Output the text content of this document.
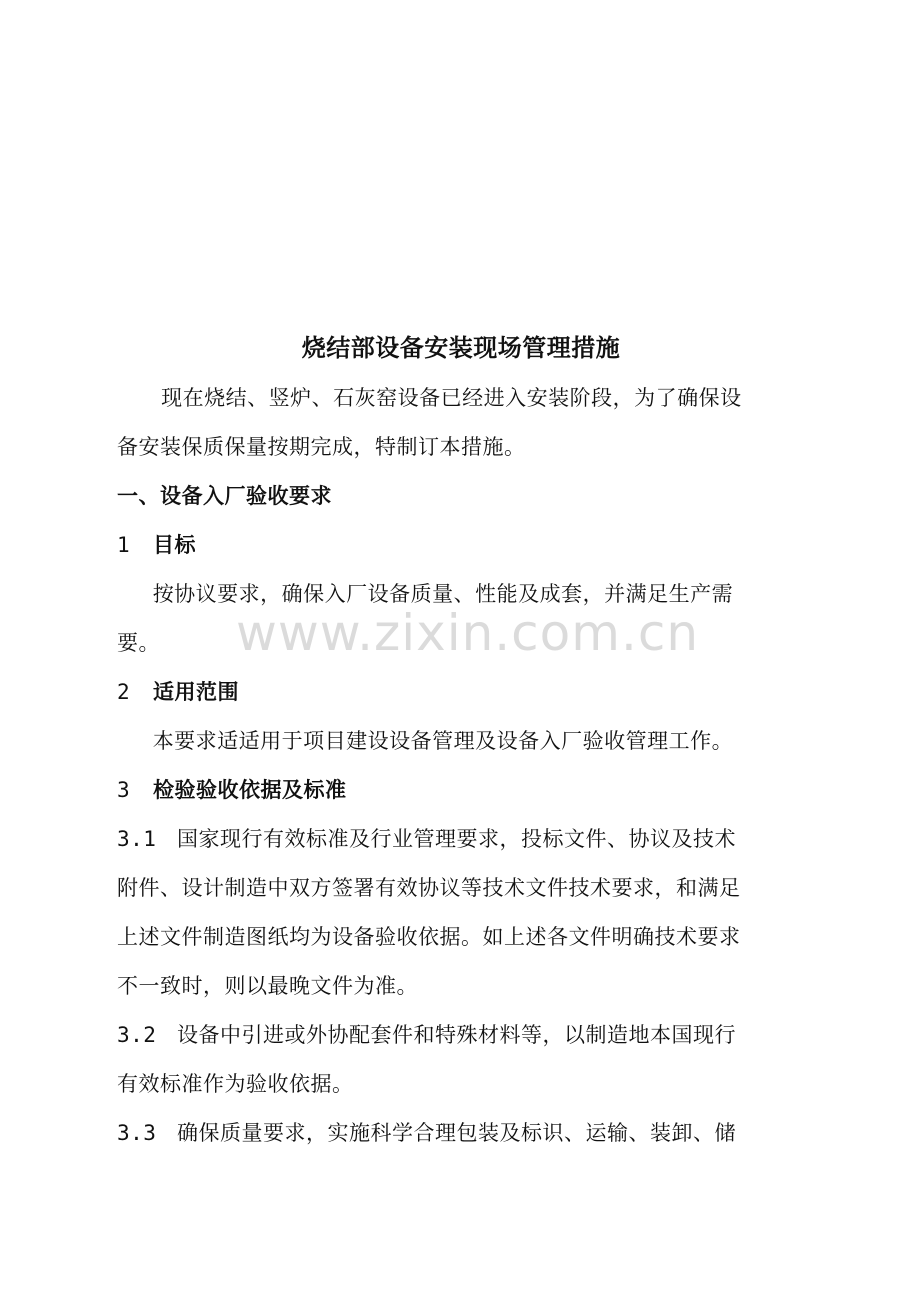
烧结部设备安装现场管理措施

现在烧结、竖炉、石灰窑设备已经进入安装阶段，为了确保设

备安装保质保量按期完成，特制订本措施。

一、设备入厂验收要求

1 目标

按协议要求，确保入厂设备质量、性能及成套，并满足生产需

要。

2 适用范围

本要求适适用于项目建设设备管理及设备入厂验收管理工作。

3 检验验收依据及标准

3.1 国家现行有效标准及行业管理要求，投标文件、协议及技术

附件、设计制造中双方签署有效协议等技术文件技术要求，和满足

上述文件制造图纸均为设备验收依据。如上述各文件明确技术要求

不一致时，则以最晚文件为准。

3.2 设备中引进或外协配套件和特殊材料等，以制造地本国现行

有效标准作为验收依据。

3.3 确保质量要求，实施科学合理包装及标识、运输、装卸、储

www.zixin.com.cn
